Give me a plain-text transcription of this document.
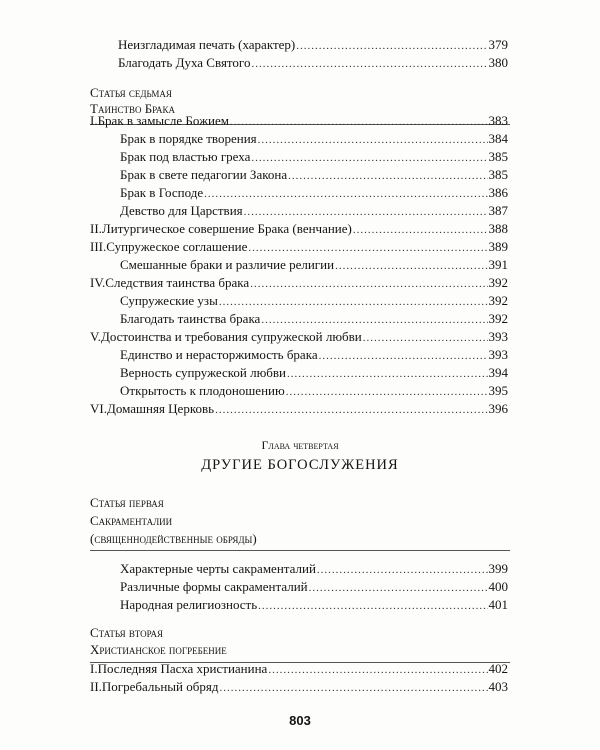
Неизгладимая печать (характер) .....	379
Благодать Духа Святого .....	380
Статья седьмая
Таинство Брака
I. Брак в замысле Божием .....	383
Брак в порядке творения .....	384
Брак под властью греха .....	385
Брак в свете педагогии Закона .....	385
Брак в Господе .....	386
Девство для Царствия .....	387
II. Литургическое совершение Брака (венчание) .....	388
III. Супружеское соглашение .....	389
Смешанные браки и различие религии .....	391
IV. Следствия таинства брака .....	392
Супружеские узы .....	392
Благодать таинства брака .....	392
V. Достоинства и требования супружеской любви .....	393
Единство и нерасторжимость брака .....	393
Верность супружеской любви .....	394
Открытость к плодоношению .....	395
VI. Домашняя Церковь .....	396
Глава четвертая
ДРУГИЕ БОГОСЛУЖЕНИЯ
Статья первая
Сакраменталии
(священнодейственные обряды)
Характерные черты сакраменталий .....	399
Различные формы сакраменталий .....	400
Народная религиозность .....	401
Статья вторая
Христианское погребение
I. Последняя Пасха христианина .....	402
II. Погребальный обряд .....	403
803
